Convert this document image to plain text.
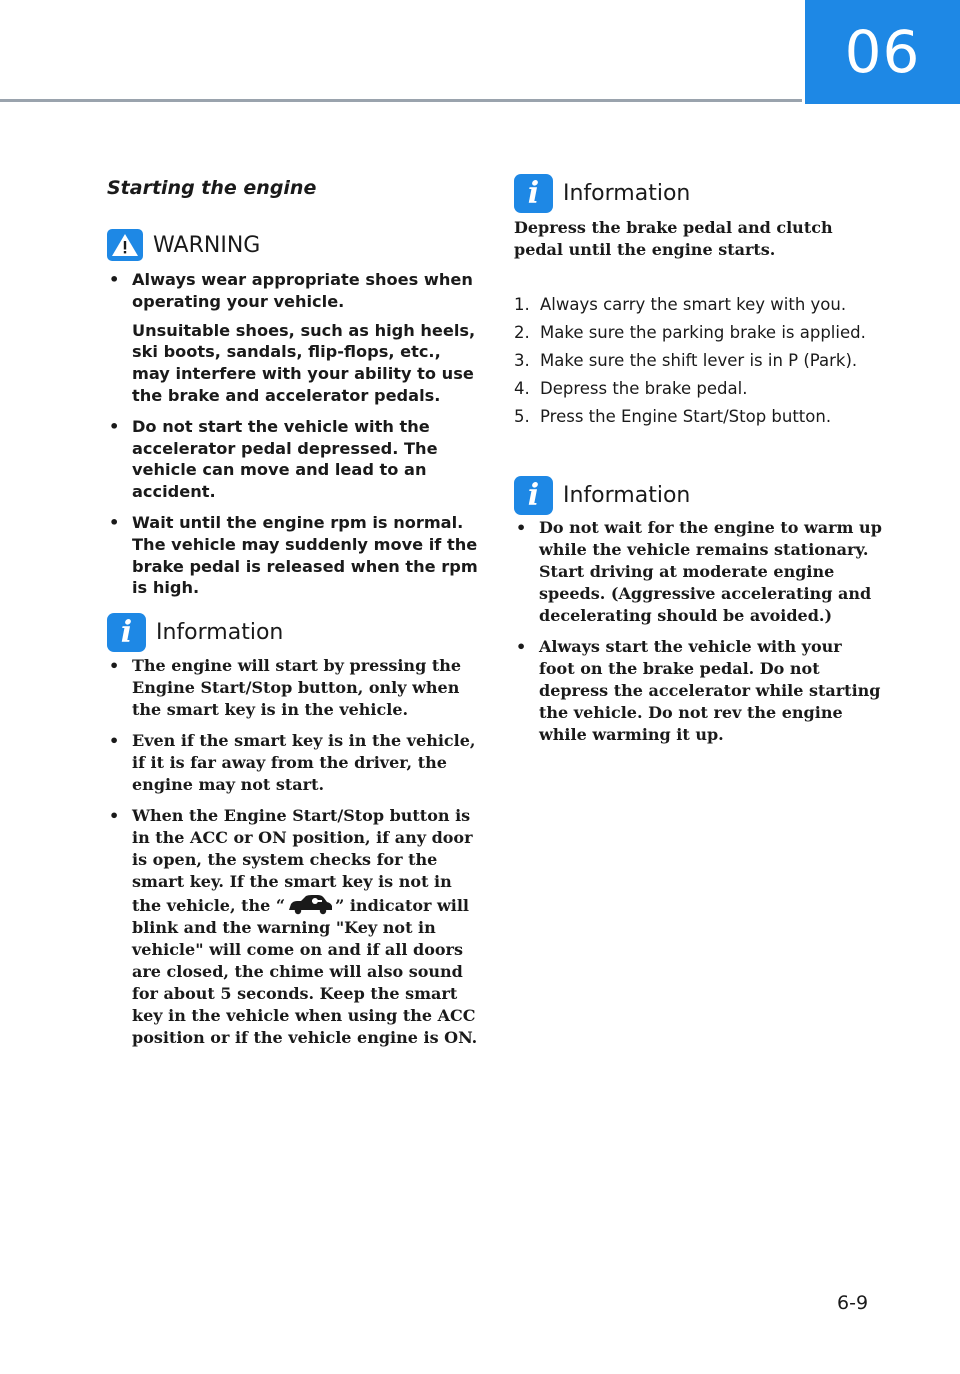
06
Starting the engine
WARNING
• Always wear appropriate shoes when operating your vehicle.
Unsuitable shoes, such as high heels, ski boots, sandals, flip-flops, etc., may interfere with your ability to use the brake and accelerator pedals.
• Do not start the vehicle with the accelerator pedal depressed. The vehicle can move and lead to an accident.
• Wait until the engine rpm is normal. The vehicle may suddenly move if the brake pedal is released when the rpm is high.
i	Information
• The engine will start by pressing the Engine Start/Stop button, only when the smart key is in the vehicle.
• Even if the smart key is in the vehicle, if it is far away from the driver, the engine may not start.
• When the Engine Start/Stop button is in the ACC or ON position, if any door is open, the system checks for the smart key. If the smart key is not in the vehicle, the “	” indicator will blink and the warning "Key not in vehicle" will come on and if all doors are closed, the chime will also sound for about 5 seconds. Keep the smart key in the vehicle when using the ACC position or if the vehicle engine is ON.
i	Information
Depress the brake pedal and clutch pedal until the engine starts.
1. Always carry the smart key with you.
2. Make sure the parking brake is applied.
3. Make sure the shift lever is in P (Park).
4. Depress the brake pedal.
5. Press the Engine Start/Stop button.
i	Information
• Do not wait for the engine to warm up while the vehicle remains stationary. Start driving at moderate engine speeds. (Aggressive accelerating and decelerating should be avoided.)
• Always start the vehicle with your foot on the brake pedal. Do not depress the accelerator while starting the vehicle. Do not rev the engine while warming it up.
6-9
